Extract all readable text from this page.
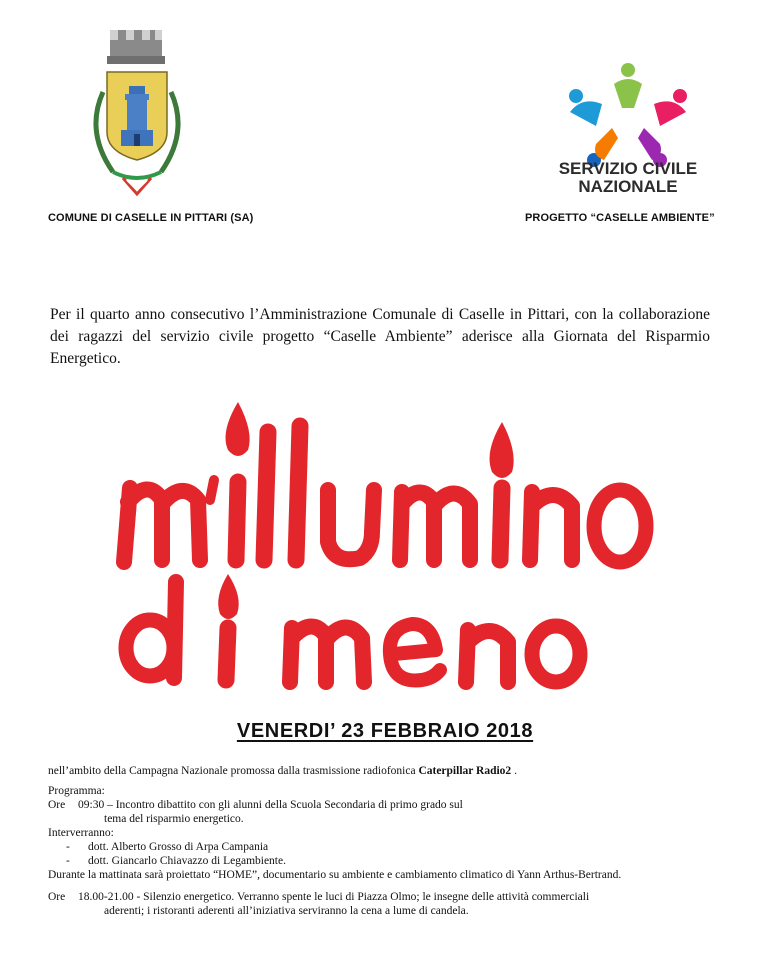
SERVIZIO CIVILE
NAZIONALE
COMUNE DI CASELLE IN PITTARI (SA)	PROGETTO “CASELLE AMBIENTE”
Per il quarto anno consecutivo l’Amministrazione Comunale di Caselle in Pittari, con la collaborazione dei ragazzi del servizio civile progetto “Caselle Ambiente” aderisce alla Giornata del Risparmio Energetico.
VENERDI’ 23 FEBBRAIO 2018
nell’ambito della Campagna Nazionale promossa dalla trasmissione radiofonica Caterpillar Radio2 .
Programma:
Ore 09:30 – Incontro dibattito con gli alunni della Scuola Secondaria di primo grado sul
tema del risparmio energetico.
Interverranno:
- dott. Alberto Grosso di Arpa Campania
- dott. Giancarlo Chiavazzo di Legambiente.
Durante la mattinata sarà proiettato “HOME”, documentario su ambiente e cambiamento climatico di Yann Arthus-Bertrand.
Ore 18.00-21.00 - Silenzio energetico. Verranno spente le luci di Piazza Olmo; le insegne delle attività commerciali
aderenti; i ristoranti aderenti all’iniziativa serviranno la cena a lume di candela.
